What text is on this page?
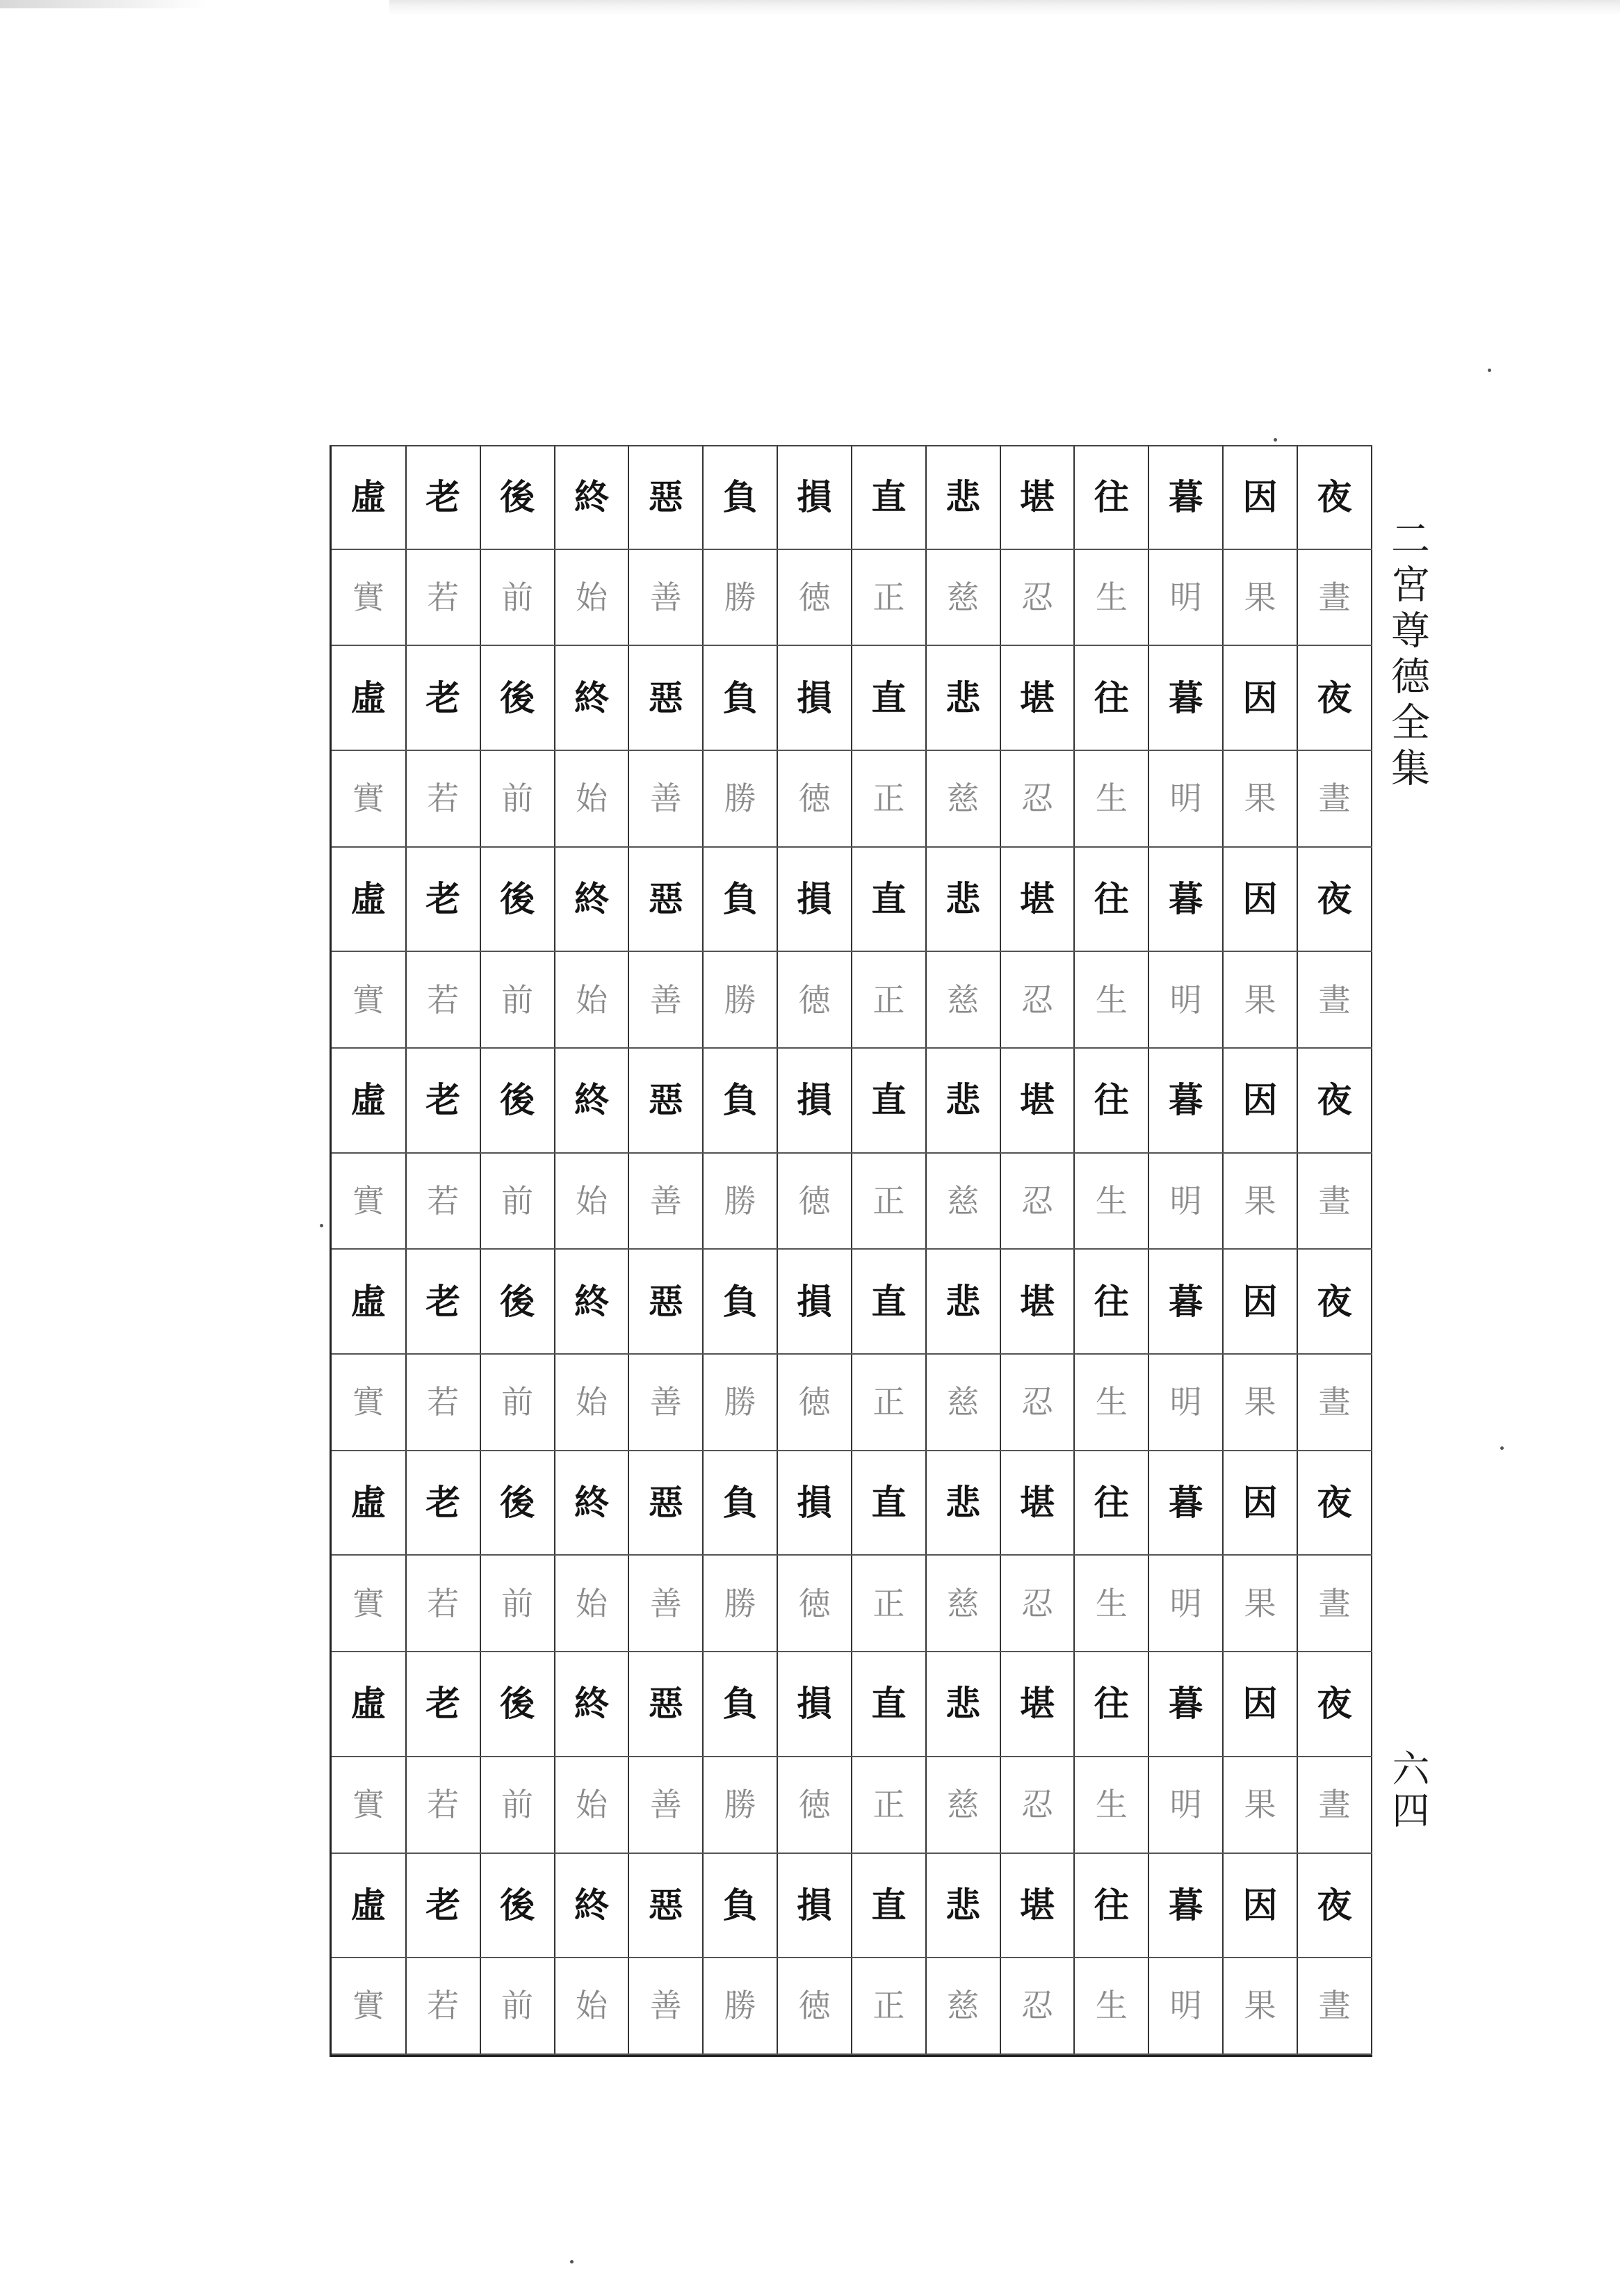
虛	老	後	終	惡	負	損	直	悲	堪	往	暮	因	夜
實	若	前	始	善	勝	徳	正	慈	忍	生	明	果	晝
虛	老	後	終	惡	負	損	直	悲	堪	往	暮	因	夜
實	若	前	始	善	勝	徳	正	慈	忍	生	明	果	晝
虛	老	後	終	惡	負	損	直	悲	堪	往	暮	因	夜
實	若	前	始	善	勝	徳	正	慈	忍	生	明	果	晝
虛	老	後	終	惡	負	損	直	悲	堪	往	暮	因	夜
實	若	前	始	善	勝	徳	正	慈	忍	生	明	果	晝
虛	老	後	終	惡	負	損	直	悲	堪	往	暮	因	夜
實	若	前	始	善	勝	徳	正	慈	忍	生	明	果	晝
虛	老	後	終	惡	負	損	直	悲	堪	往	暮	因	夜
實	若	前	始	善	勝	徳	正	慈	忍	生	明	果	晝
虛	老	後	終	惡	負	損	直	悲	堪	往	暮	因	夜
實	若	前	始	善	勝	徳	正	慈	忍	生	明	果	晝
虛	老	後	終	惡	負	損	直	悲	堪	往	暮	因	夜
實	若	前	始	善	勝	徳	正	慈	忍	生	明	果	晝
二宮尊德全集
六四
